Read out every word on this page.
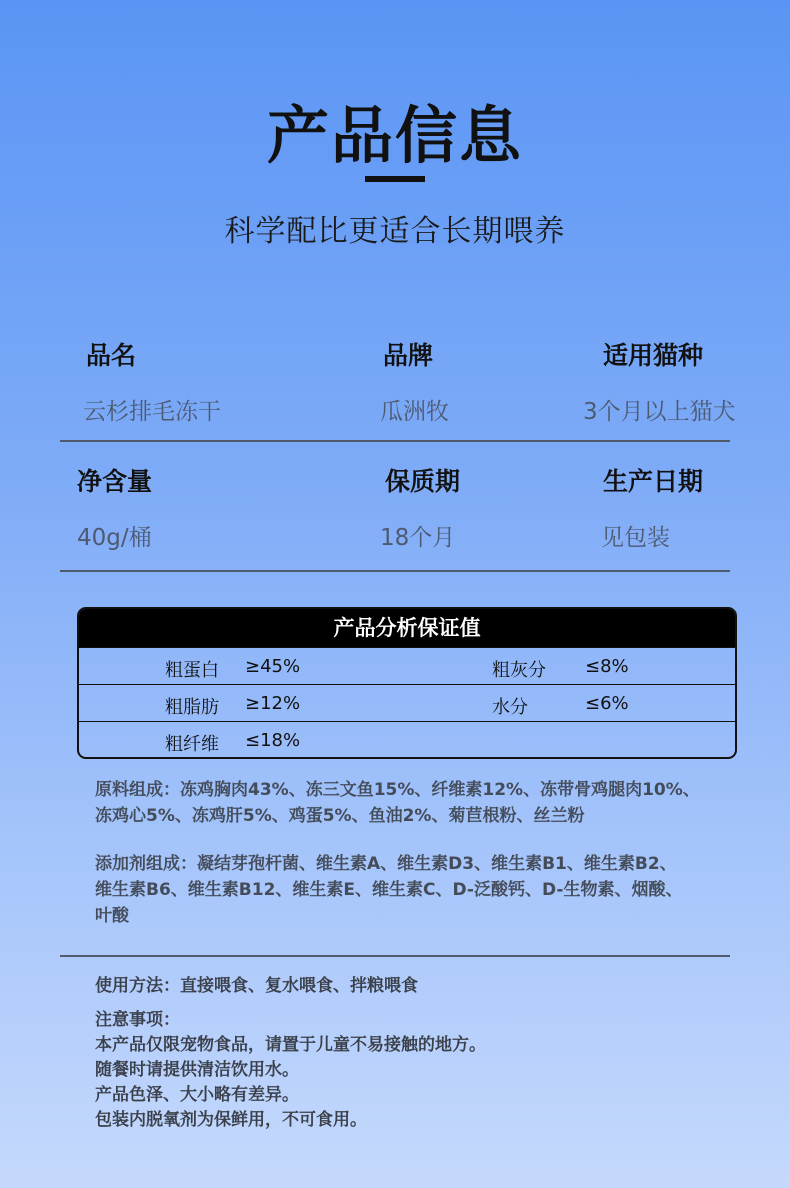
产品信息
科学配比更适合长期喂养
品名	品牌	适用猫种
云杉排毛冻干	瓜洲牧	3个月以上猫犬
净含量	保质期	生产日期
40g/桶	18个月	见包装
产品分析保证值
粗蛋白 ≥45%	粗灰分 ≤8%
粗脂肪 ≥12%	水分	≤6%
粗纤维 ≤18%
原料组成：冻鸡胸肉43%、冻三文鱼15%、纤维素12%、冻带骨鸡腿肉10%、
冻鸡心5%、冻鸡肝5%、鸡蛋5%、鱼油2%、菊苣根粉、丝兰粉
添加剂组成：凝结芽孢杆菌、维生素A、维生素D3、维生素B1、维生素B2、
维生素B6、维生素B12、维生素E、维生素C、D-泛酸钙、D-生物素、烟酸、
叶酸
使用方法：直接喂食、复水喂食、拌粮喂食
注意事项：
本产品仅限宠物食品，请置于儿童不易接触的地方。
随餐时请提供清洁饮用水。
产品色泽、大小略有差异。
包装内脱氧剂为保鲜用，不可食用。
